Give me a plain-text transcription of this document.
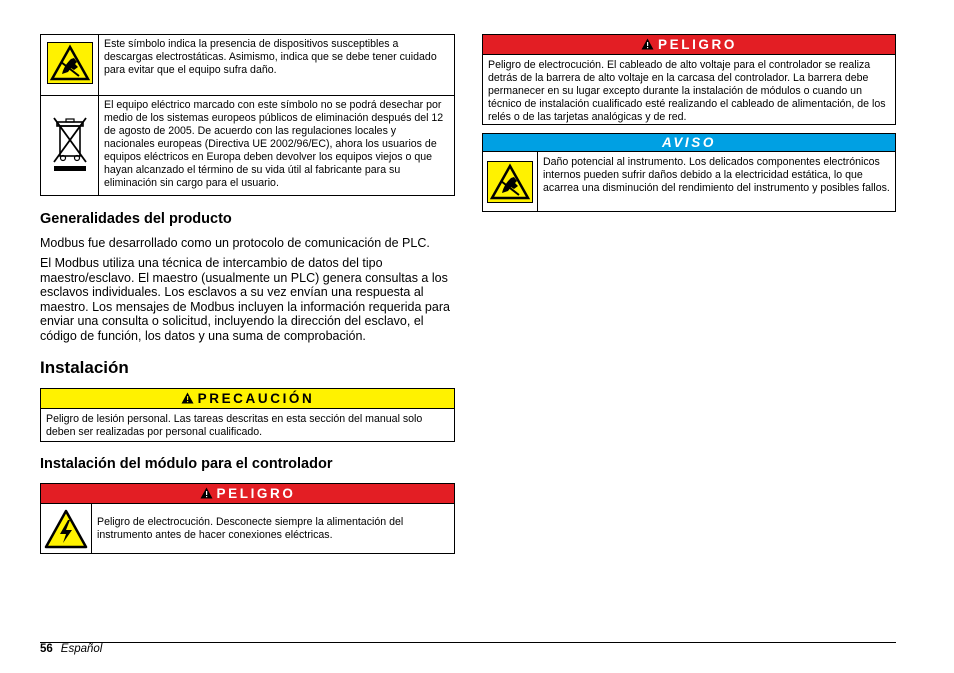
	Este símbolo indica la presencia de dispositivos susceptibles a descargas electrostáticas. Asimismo, indica que se debe tener cuidado para evitar que el equipo sufra daño.
	El equipo eléctrico marcado con este símbolo no se podrá desechar por medio de los sistemas europeos públicos de eliminación después del 12 de agosto de 2005. De acuerdo con las regulaciones locales y nacionales europeas (Directiva UE 2002/96/EC), ahora los usuarios de equipos eléctricos en Europa deben devolver los equipos viejos o que hayan alcanzado el término de su vida útil al fabricante para su eliminación sin cargo para el usuario.
Generalidades del producto

Modbus fue desarrollado como un protocolo de comunicación de PLC.

El Modbus utiliza una técnica de intercambio de datos del tipo maestro/esclavo. El maestro (usualmente un PLC) genera consultas a los esclavos individuales. Los esclavos a su vez envían una respuesta al maestro. Los mensajes de Modbus incluyen la información requerida para enviar una consulta o solicitud, incluyendo la dirección del esclavo, el código de función, los datos y una suma de comprobación.

Instalación
PRECAUCIÓN
Peligro de lesión personal. Las tareas descritas en esta sección del manual solo deben ser realizadas por personal cualificado.
Instalación del módulo para el controlador
PELIGRO
Peligro de electrocución. Desconecte siempre la alimentación del instrumento antes de hacer conexiones eléctricas.
PELIGRO
Peligro de electrocución. El cableado de alto voltaje para el controlador se realiza detrás de la barrera de alto voltaje en la carcasa del controlador. La barrera debe permanecer en su lugar excepto durante la instalación de módulos o cuando un técnico de instalación cualificado esté realizando el cableado de alimentación, de los relés o de las tarjetas analógicas y de red.
AVISO
Daño potencial al instrumento. Los delicados componentes electrónicos internos pueden sufrir daños debido a la electricidad estática, lo que acarrea una disminución del rendimiento del instrumento y posibles fallos.
56 Español
